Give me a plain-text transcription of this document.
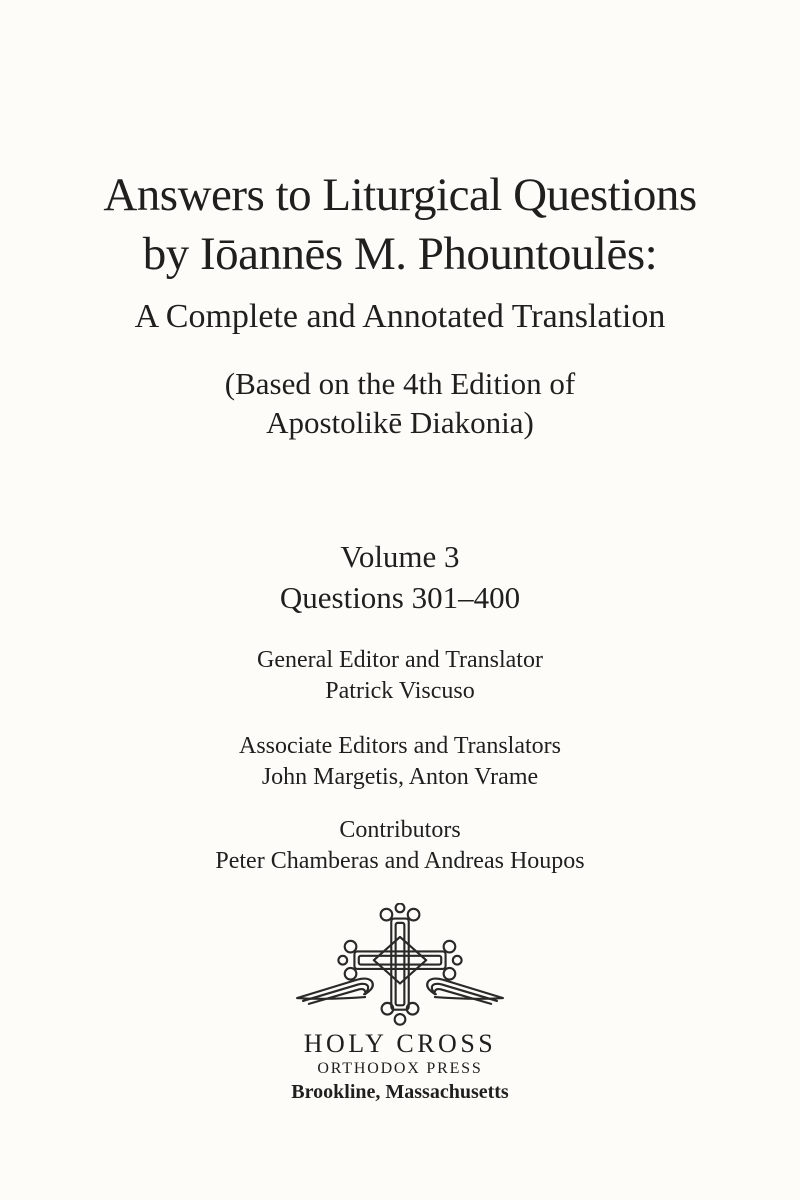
Answers to Liturgical Questions
by Iōannēs M. Phountoulēs:
A Complete and Annotated Translation
(Based on the 4th Edition of
Apostolikē Diakonia)
Volume 3
Questions 301–400
General Editor and Translator
Patrick Viscuso
Associate Editors and Translators
John Margetis, Anton Vrame
Contributors
Peter Chamberas and Andreas Houpos
HOLY CROSS
ORTHODOX PRESS
Brookline, Massachusetts
